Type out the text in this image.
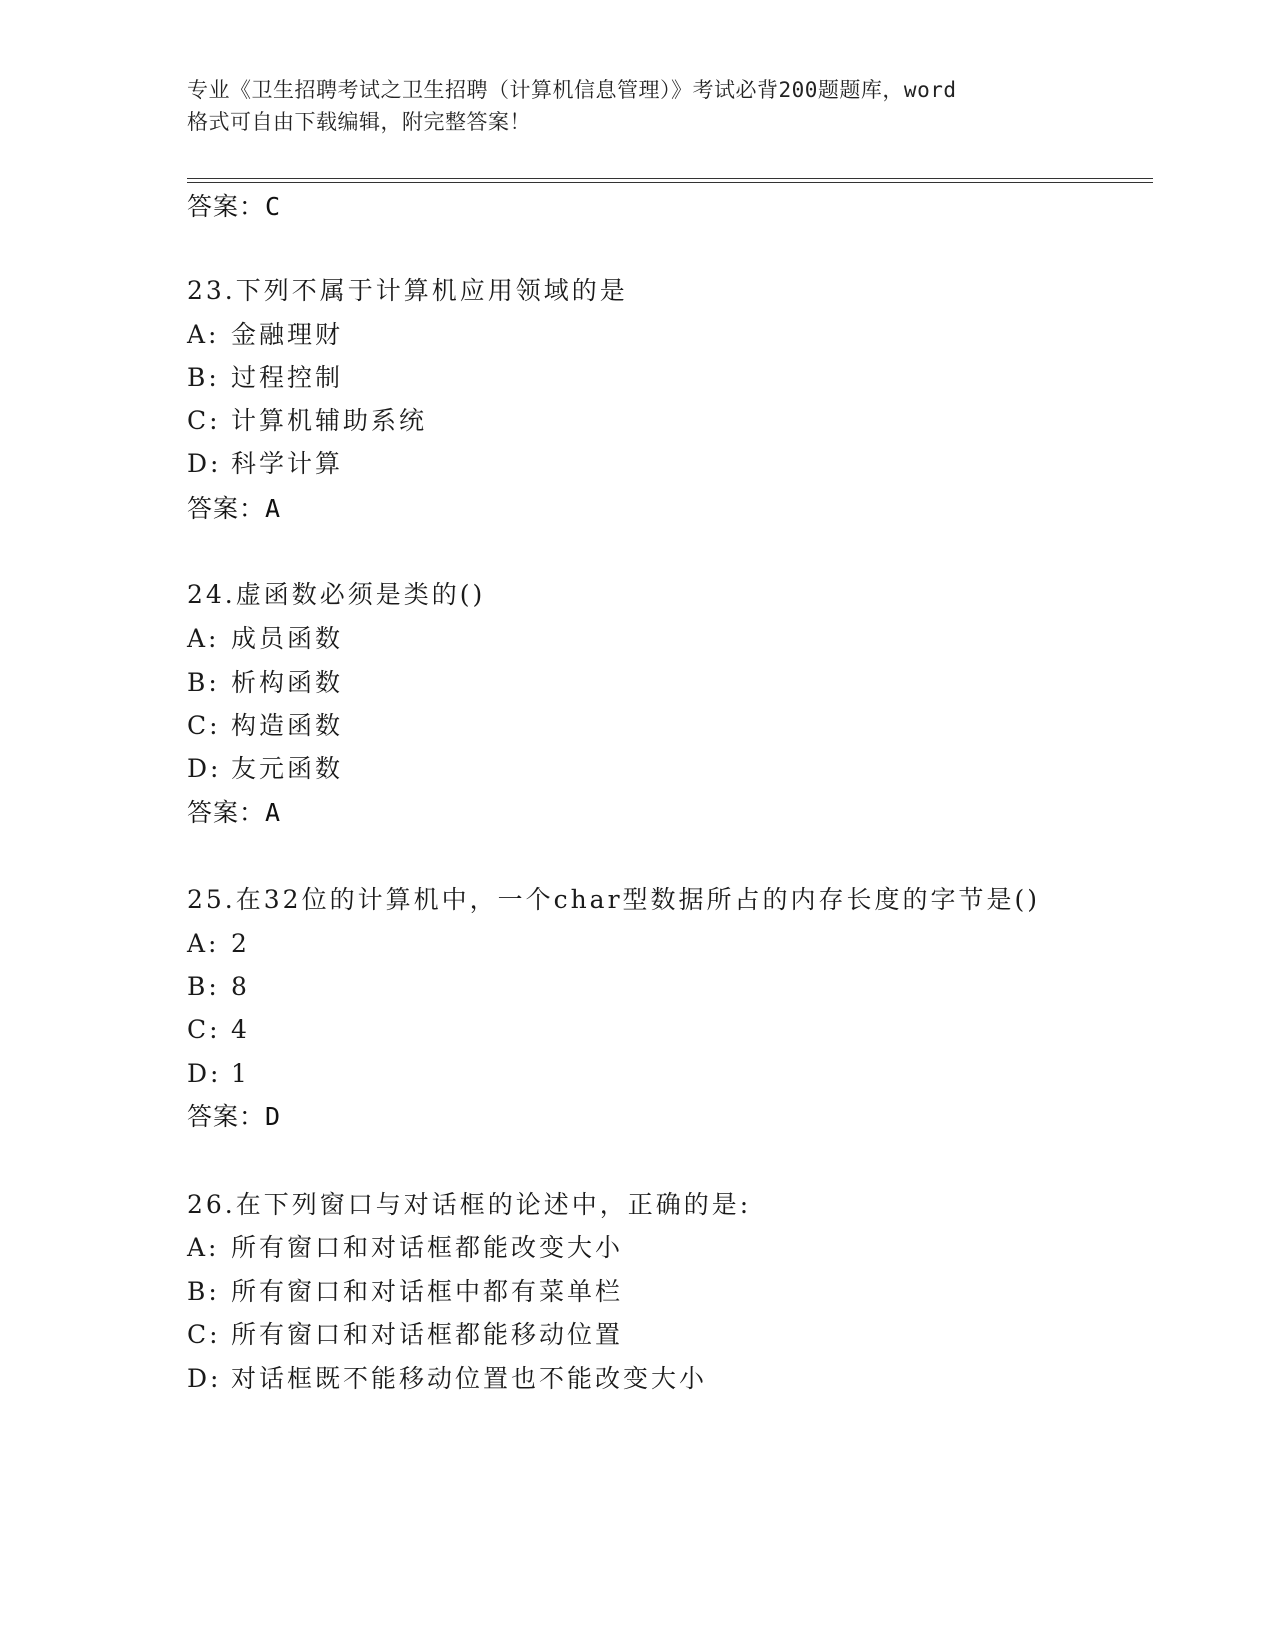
专业《卫生招聘考试之卫生招聘（计算机信息管理）》考试必背200题题库，word
格式可自由下载编辑，附完整答案！
答案：C
23.下列不属于计算机应用领域的是
A: 金融理财
B: 过程控制
C: 计算机辅助系统
D: 科学计算
答案：A
24.虚函数必须是类的()
A: 成员函数
B: 析构函数
C: 构造函数
D: 友元函数
答案：A
25.在32位的计算机中，一个char型数据所占的内存长度的字节是()
A: 2
B: 8
C: 4
D: 1
答案：D
26.在下列窗口与对话框的论述中，正确的是:
A: 所有窗口和对话框都能改变大小
B: 所有窗口和对话框中都有菜单栏
C: 所有窗口和对话框都能移动位置
D: 对话框既不能移动位置也不能改变大小
